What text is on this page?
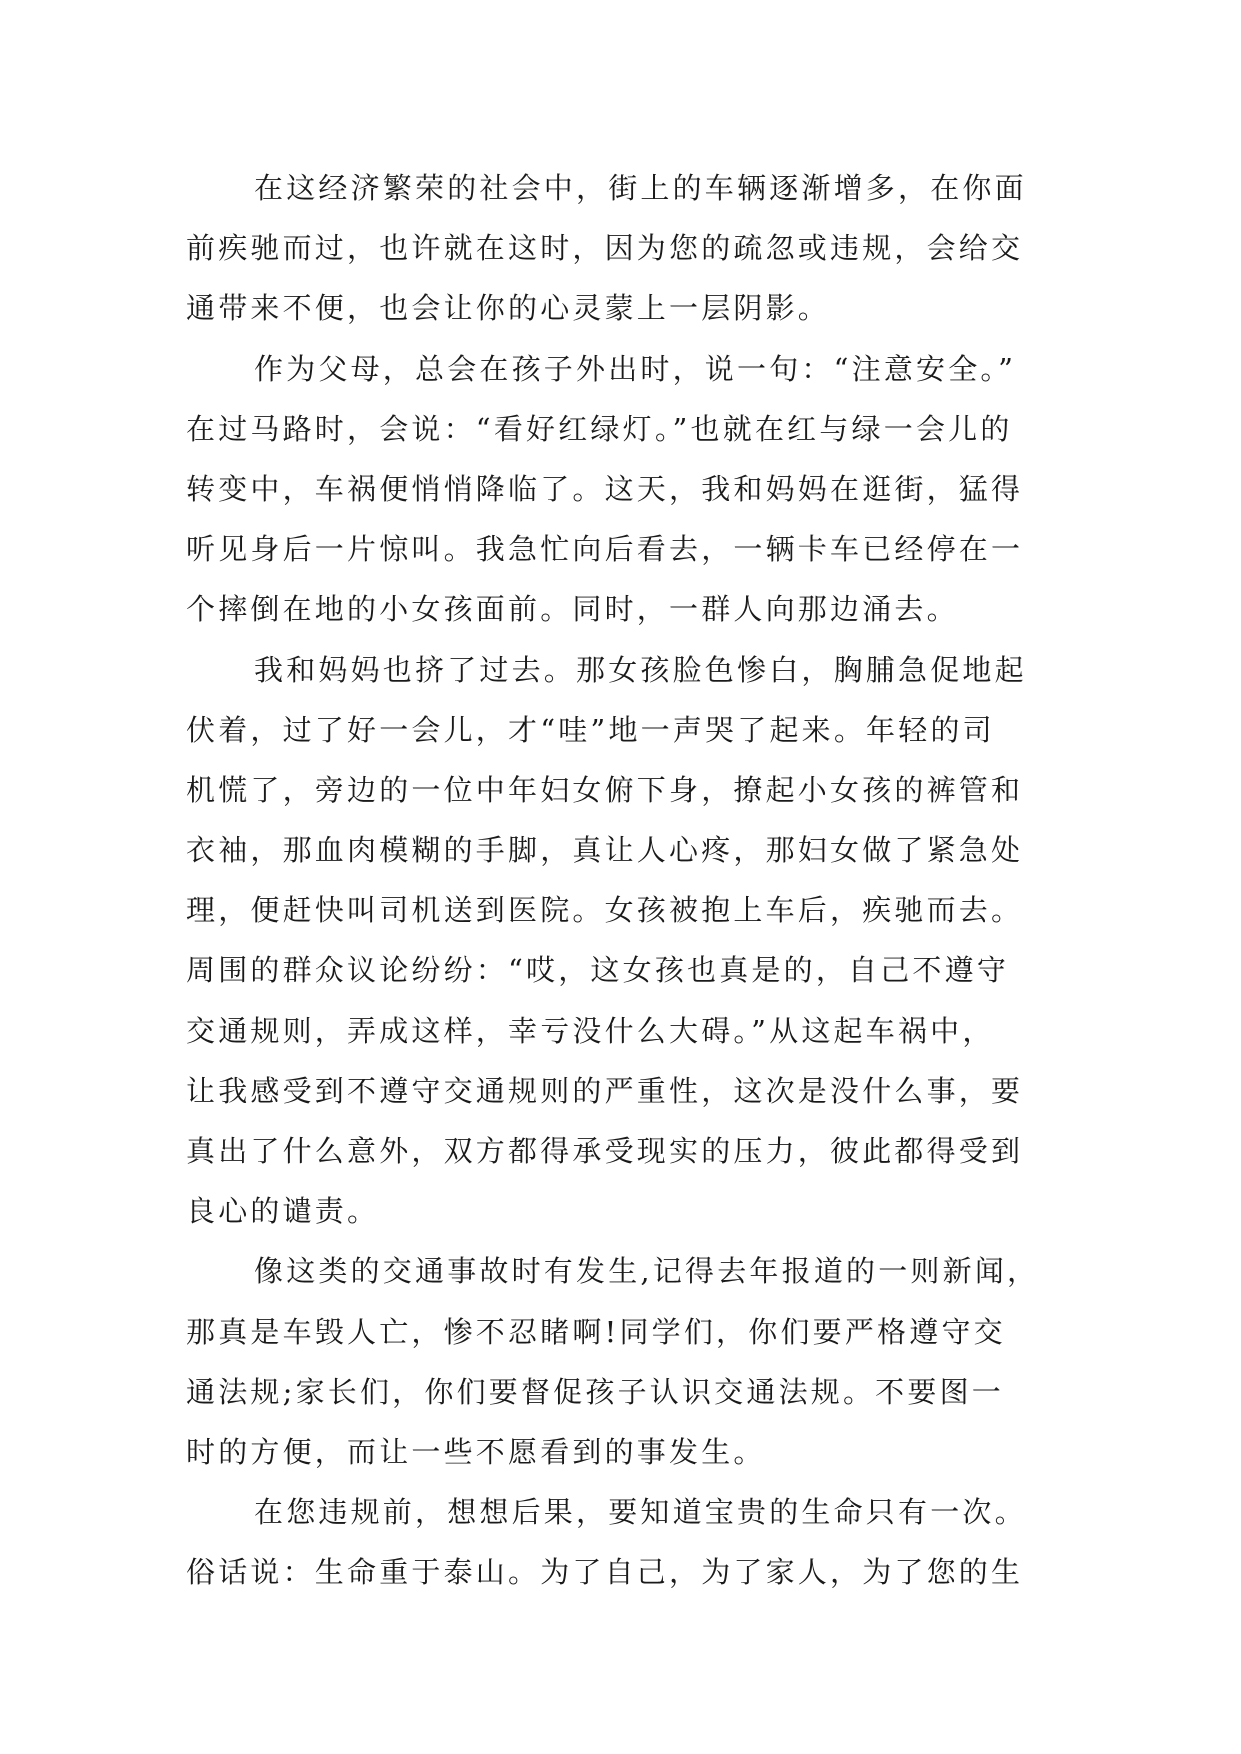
在这经济繁荣的社会中，街上的车辆逐渐增多，在你面
前疾驰而过，也许就在这时，因为您的疏忽或违规，会给交
通带来不便，也会让你的心灵蒙上一层阴影。
作为父母，总会在孩子外出时，说一句：“注意安全。”
在过马路时，会说：“看好红绿灯。”也就在红与绿一会儿的
转变中，车祸便悄悄降临了。这天，我和妈妈在逛街，猛得
听见身后一片惊叫。我急忙向后看去，一辆卡车已经停在一
个摔倒在地的小女孩面前。同时，一群人向那边涌去。
我和妈妈也挤了过去。那女孩脸色惨白，胸脯急促地起
伏着，过了好一会儿，才“哇”地一声哭了起来。年轻的司
机慌了，旁边的一位中年妇女俯下身，撩起小女孩的裤管和
衣袖，那血肉模糊的手脚，真让人心疼，那妇女做了紧急处
理，便赶快叫司机送到医院。女孩被抱上车后，疾驰而去。
周围的群众议论纷纷：“哎，这女孩也真是的，自己不遵守
交通规则，弄成这样，幸亏没什么大碍。”从这起车祸中，
让我感受到不遵守交通规则的严重性，这次是没什么事，要
真出了什么意外，双方都得承受现实的压力，彼此都得受到
良心的谴责。
像这类的交通事故时有发生,记得去年报道的一则新闻，
那真是车毁人亡，惨不忍睹啊!同学们，你们要严格遵守交
通法规;家长们，你们要督促孩子认识交通法规。不要图一
时的方便，而让一些不愿看到的事发生。
在您违规前，想想后果，要知道宝贵的生命只有一次。
俗话说：生命重于泰山。为了自己，为了家人，为了您的生
